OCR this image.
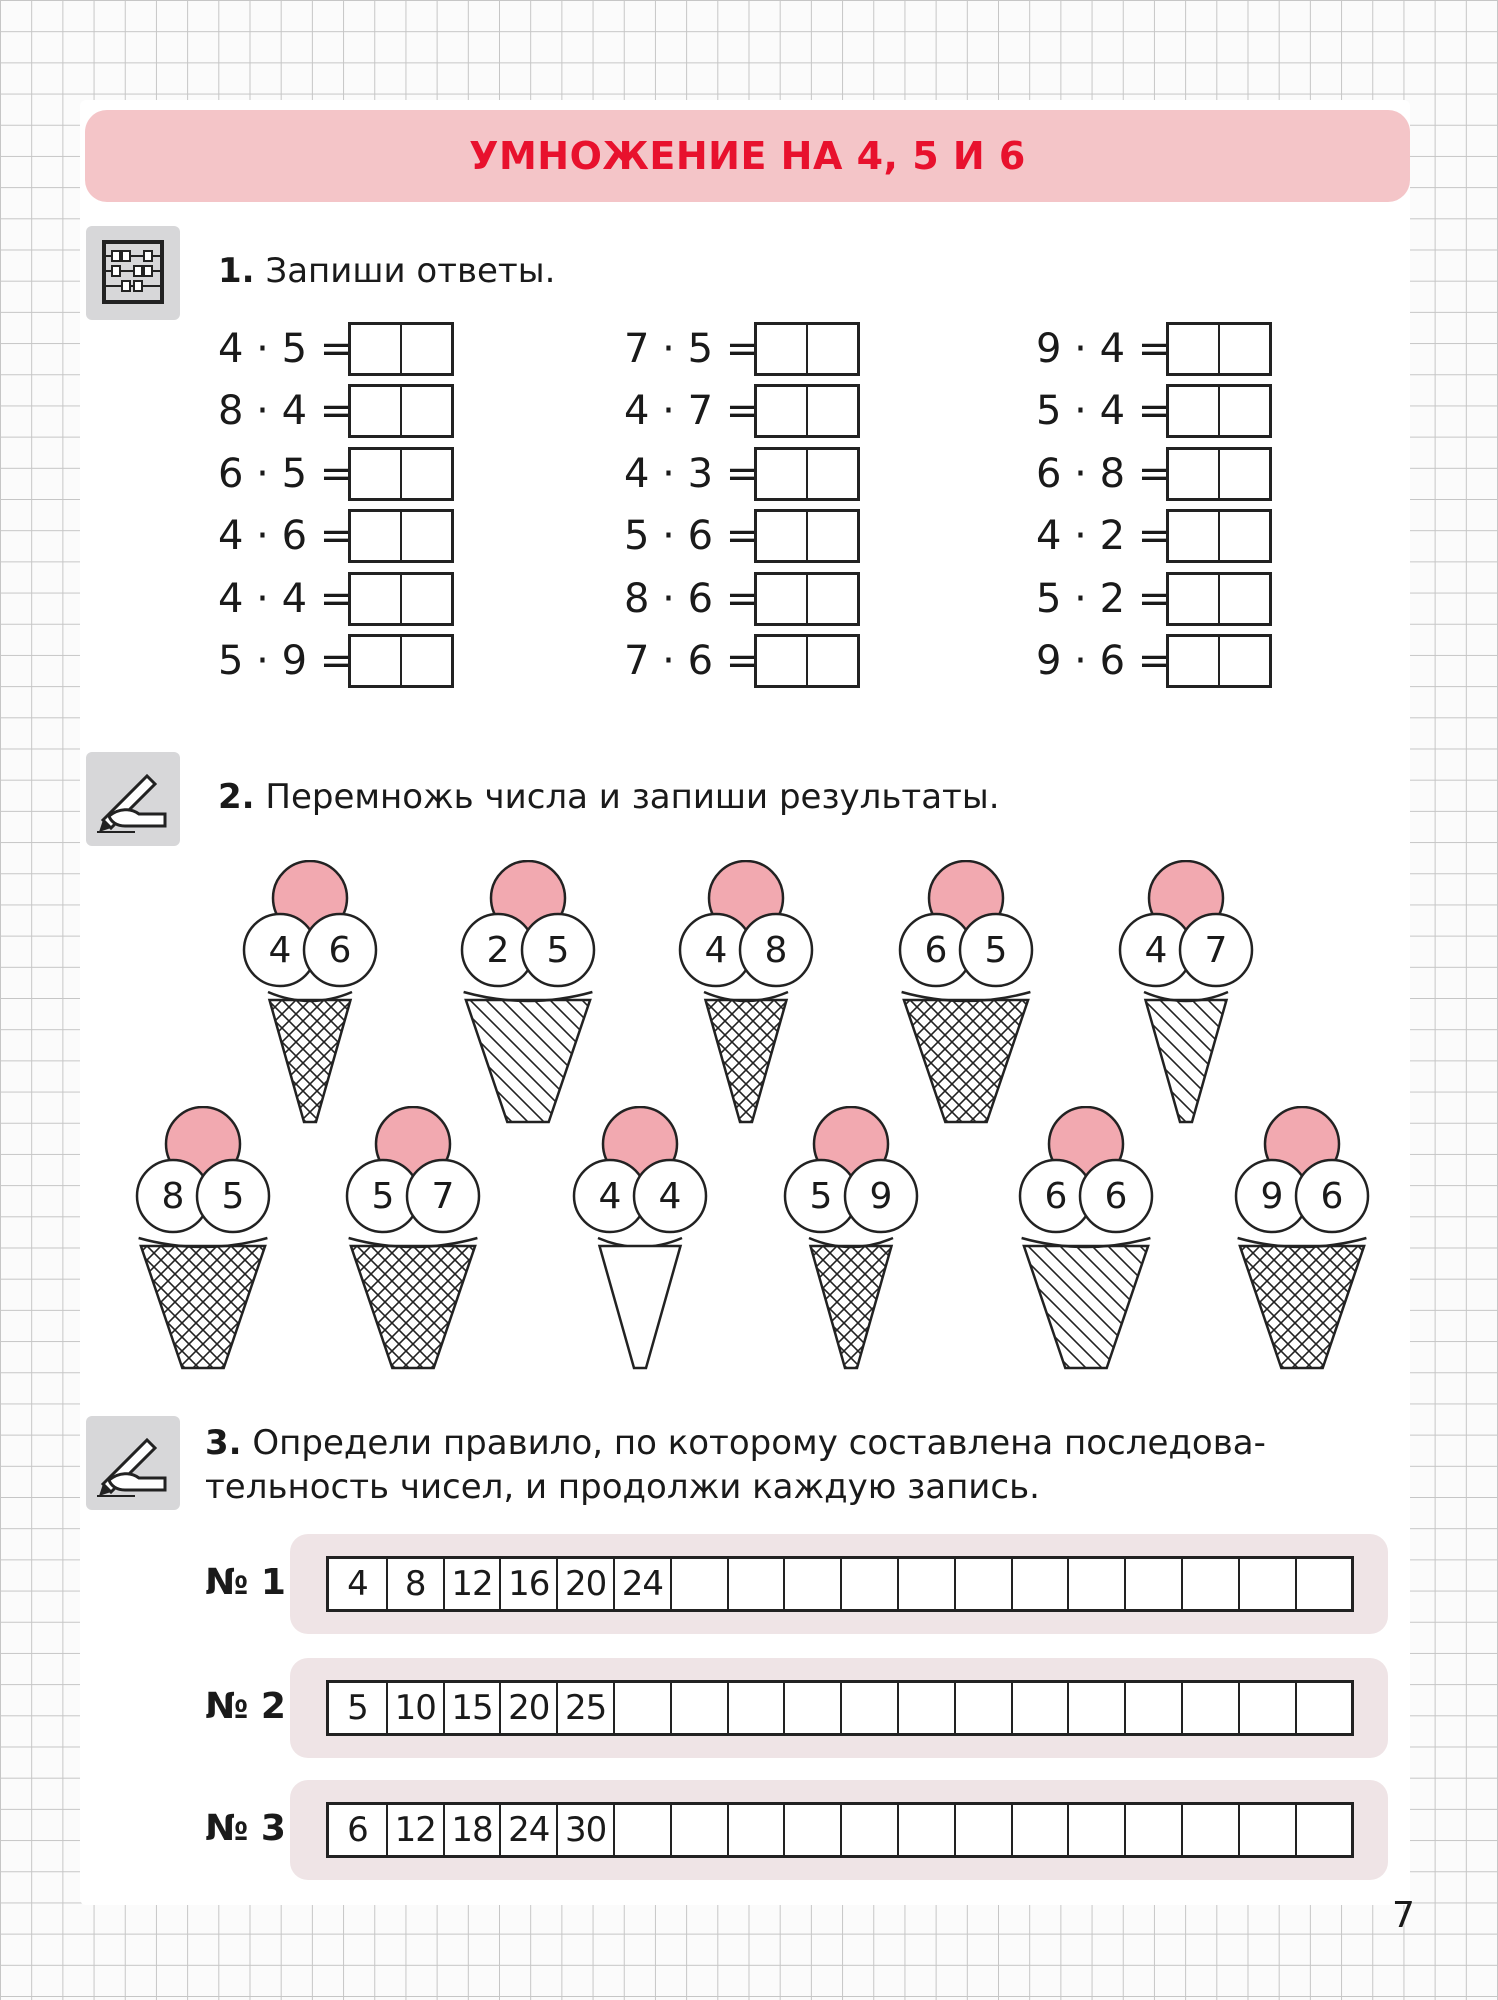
УМНОЖЕНИЕ НА 4, 5 И 6
1. Запиши ответы.
4 · 5 =
8 · 4 =
6 · 5 =
4 · 6 =
4 · 4 =
5 · 9 =
7 · 5 =
4 · 7 =
4 · 3 =
5 · 6 =
8 · 6 =
7 · 6 =
9 · 4 =
5 · 4 =
6 · 8 =
4 · 2 =
5 · 2 =
9 · 6 =
2. Перемножь числа и запиши результаты.
4	6	2	5	4	8	6	5	4	7
8	5	5	7	4	4	5	9	6	6	9	6
3. Определи правило, по которому составлена последова-
тельность чисел, и продолжи каждую запись.
№ 1	4	8 12 16 20 24
№ 2	5 10 15 20 25
№ 3	6 12 18 24 30
7
